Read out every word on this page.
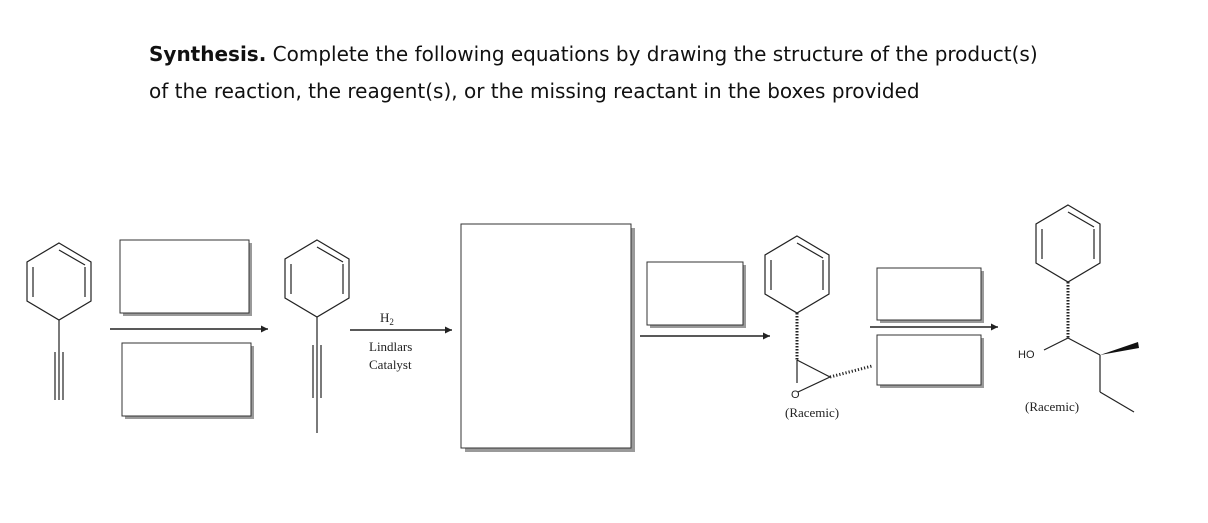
Synthesis. Complete the following equations by drawing the structure of the product(s) of the reaction, the reagent(s), or the missing reactant in the boxes provided
$H_2$
Lindlars
Catalyst
O
(Racemic)
HO
(Racemic)
